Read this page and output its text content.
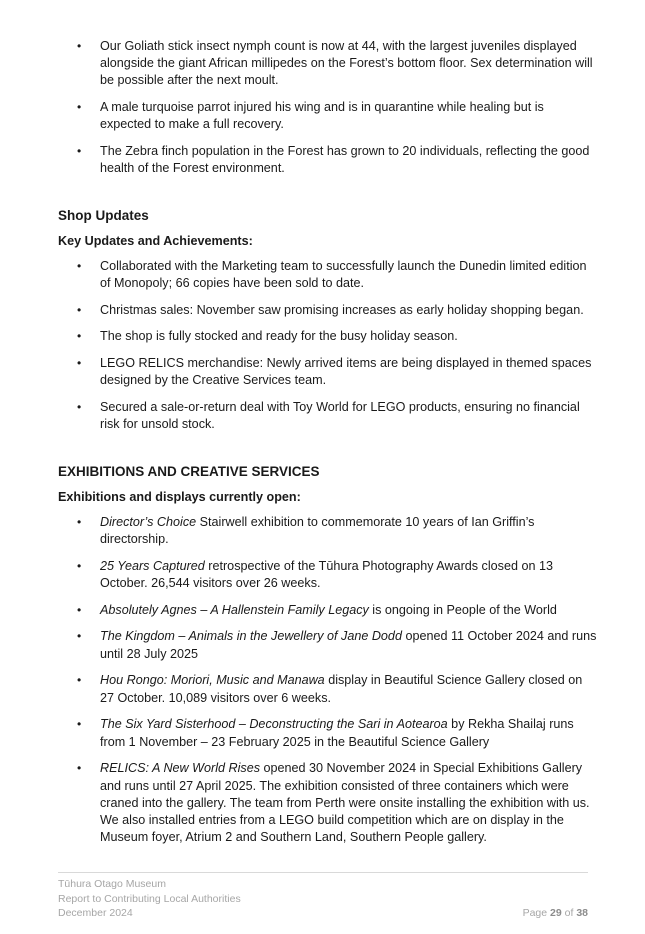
• Our Goliath stick insect nymph count is now at 44, with the largest juveniles displayed alongside the giant African millipedes on the Forest’s bottom floor. Sex determination will be possible after the next moult.
• A male turquoise parrot injured his wing and is in quarantine while healing but is expected to make a full recovery.
• The Zebra finch population in the Forest has grown to 20 individuals, reflecting the good health of the Forest environment.
Shop Updates
Key Updates and Achievements:
• Collaborated with the Marketing team to successfully launch the Dunedin limited edition of Monopoly; 66 copies have been sold to date.
• Christmas sales: November saw promising increases as early holiday shopping began.
• The shop is fully stocked and ready for the busy holiday season.
• LEGO RELICS merchandise: Newly arrived items are being displayed in themed spaces designed by the Creative Services team.
• Secured a sale-or-return deal with Toy World for LEGO products, ensuring no financial risk for unsold stock.
EXHIBITIONS AND CREATIVE SERVICES
Exhibitions and displays currently open:
• Director’s Choice Stairwell exhibition to commemorate 10 years of Ian Griffin’s directorship.
• 25 Years Captured retrospective of the Tūhura Photography Awards closed on 13 October. 26,544 visitors over 26 weeks.
• Absolutely Agnes – A Hallenstein Family Legacy is ongoing in People of the World
• The Kingdom – Animals in the Jewellery of Jane Dodd opened 11 October 2024 and runs until 28 July 2025
• Hou Rongo: Moriori, Music and Manawa display in Beautiful Science Gallery closed on 27 October. 10,089 visitors over 6 weeks.
• The Six Yard Sisterhood – Deconstructing the Sari in Aotearoa by Rekha Shailaj runs from 1 November – 23 February 2025 in the Beautiful Science Gallery
• RELICS: A New World Rises opened 30 November 2024 in Special Exhibitions Gallery and runs until 27 April 2025. The exhibition consisted of three containers which were craned into the gallery. The team from Perth were onsite installing the exhibition with us. We also installed entries from a LEGO build competition which are on display in the Museum foyer, Atrium 2 and Southern Land, Southern People gallery.
Tūhura Otago Museum
Report to Contributing Local Authorities
December 2024	Page 29 of 38
